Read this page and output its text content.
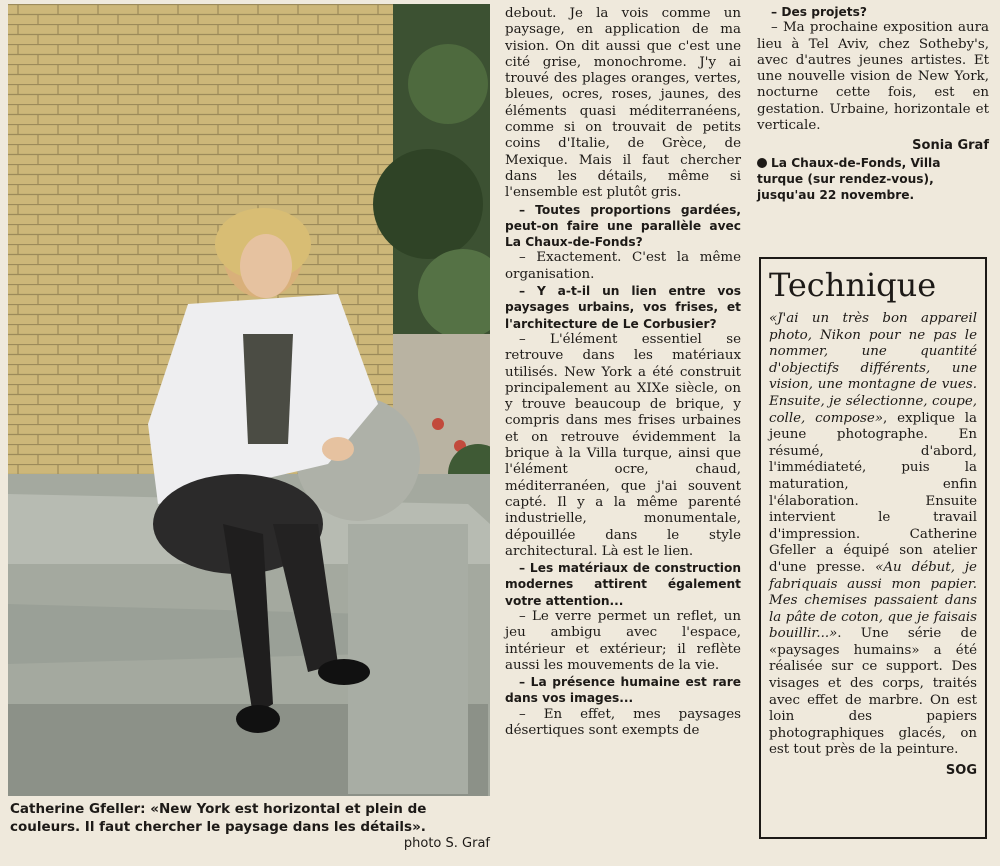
Catherine Gfeller: «New York est horizontal et plein de couleurs. Il faut chercher le paysage dans les détails».
photo S. Graf

debout. Je la vois comme un paysage, en application de ma vision. On dit aussi que c'est une cité grise, monochrome. J'y ai trouvé des plages oranges, vertes, bleues, ocres, roses, jaunes, des éléments quasi méditerranéens, comme si on trouvait de petits coins d'Italie, de Grèce, de Mexique. Mais il faut chercher dans les détails, même si l'ensemble est plutôt gris.

– Toutes proportions gardées, peut-on faire une parallèle avec La Chaux-de-Fonds?

– Exactement. C'est la même organisation.

– Y a-t-il un lien entre vos paysages urbains, vos frises, et l'architecture de Le Corbusier?

– L'élément essentiel se retrouve dans les matériaux utilisés. New York a été construit principalement au XIXe siècle, on y trouve beaucoup de brique, y compris dans mes frises urbaines et on retrouve évidemment la brique à la Villa turque, ainsi que l'élément ocre, chaud, méditerranéen, que j'ai souvent capté. Il y a la même parenté industrielle, monumentale, dépouillée dans le style architectural. Là est le lien.

– Les matériaux de construction modernes attirent également votre attention...

– Le verre permet un reflet, un jeu ambigu avec l'espace, intérieur et extérieur; il reflète aussi les mouvements de la vie.

– La présence humaine est rare dans vos images...

– En effet, mes paysages désertiques sont exempts de

– Des projets?

– Ma prochaine exposition aura lieu à Tel Aviv, chez Sotheby's, avec d'autres jeunes artistes. Et une nouvelle vision de New York, nocturne cette fois, est en gestation. Urbaine, horizontale et verticale.

Sonia Graf

La Chaux-de-Fonds, Villa turque (sur rendez-vous), jusqu'au 22 novembre.

Technique
«J'ai un très bon appareil photo, Nikon pour ne pas le nommer, une quantité d'objectifs différents, une vision, une montagne de vues. Ensuite, je sélectionne, coupe, colle, compose», explique la jeune photographe. En résumé, d'abord, l'immédiateté, puis la maturation, enfin l'élaboration. Ensuite intervient le travail d'impression. Catherine Gfeller a équipé son atelier d'une presse. «Au début, je fabriquais aussi mon papier. Mes chemises passaient dans la pâte de coton, que je faisais bouillir...». Une série de «paysages humains» a été réalisée sur ce support. Des visages et des corps, traités avec effet de marbre. On est loin des papiers photographiques glacés, on est tout près de la peinture.
SOG
